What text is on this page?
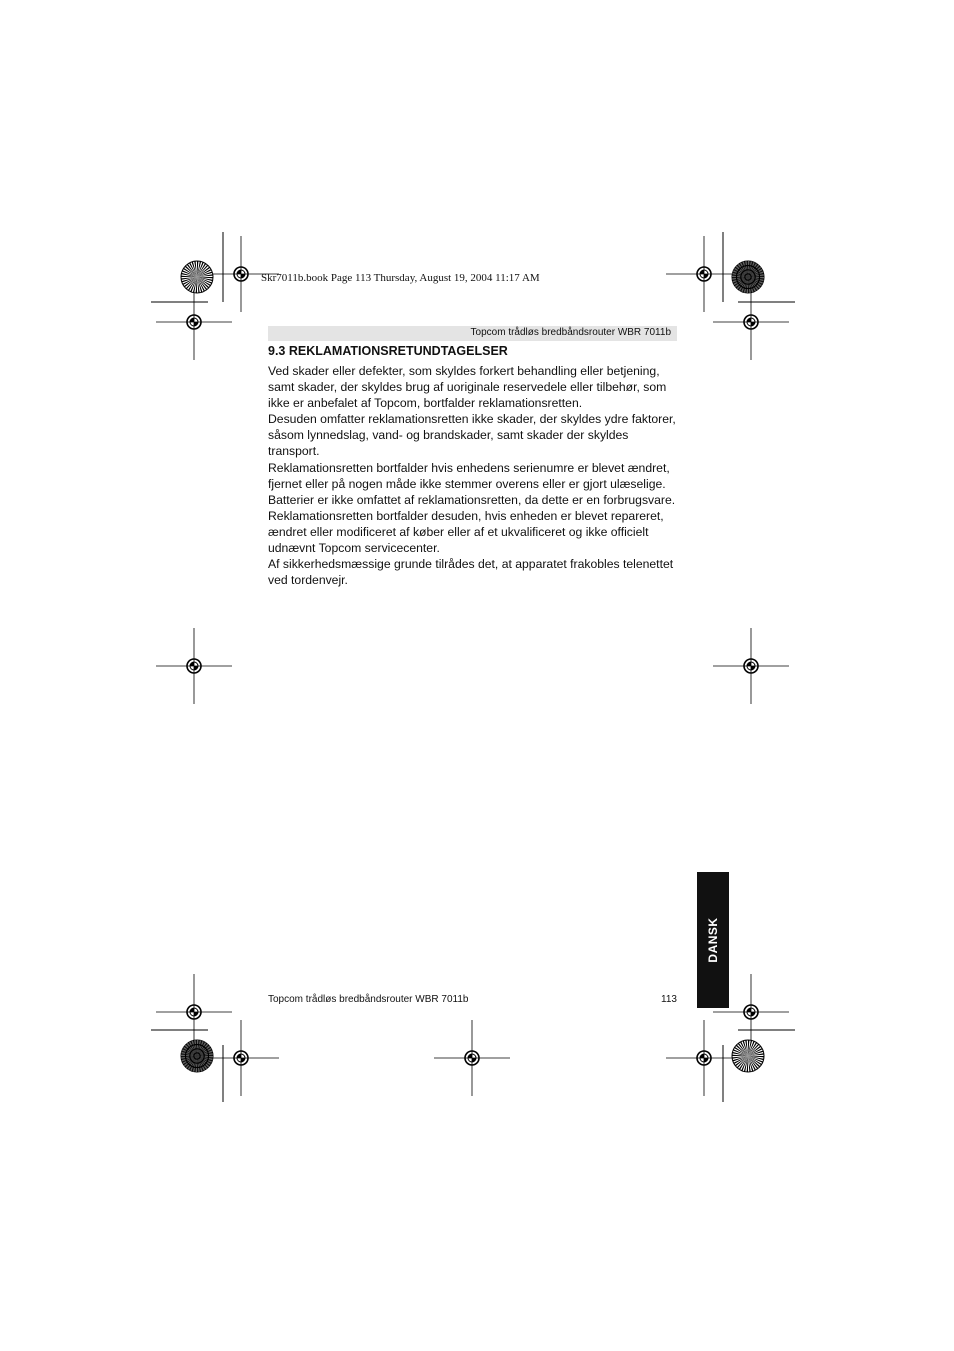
Skr7011b.book Page 113 Thursday, August 19, 2004 11:17 AM
Topcom trådløs bredbåndsrouter WBR 7011b
9.3 REKLAMATIONSRETUNDTAGELSER

Ved skader eller defekter, som skyldes forkert behandling eller betjening, samt skader, der skyldes brug af uoriginale reservedele eller tilbehør, som ikke er anbefalet af Topcom, bortfalder reklamationsretten.

Desuden omfatter reklamationsretten ikke skader, der skyldes ydre faktorer, såsom lynnedslag, vand- og brandskader, samt skader der skyldes transport.

Reklamationsretten bortfalder hvis enhedens serienumre er blevet ændret, fjernet eller på nogen måde ikke stemmer overens eller er gjort ulæselige.

Batterier er ikke omfattet af reklamationsretten, da dette er en forbrugsvare.

Reklamationsretten bortfalder desuden, hvis enheden er blevet repareret, ændret eller modificeret af køber eller af et ukvalificeret og ikke officielt udnævnt Topcom servicecenter.

Af sikkerhedsmæssige grunde tilrådes det, at apparatet frakobles telenettet ved tordenvejr.

DANSK
Topcom trådløs bredbåndsrouter WBR 7011b	113
